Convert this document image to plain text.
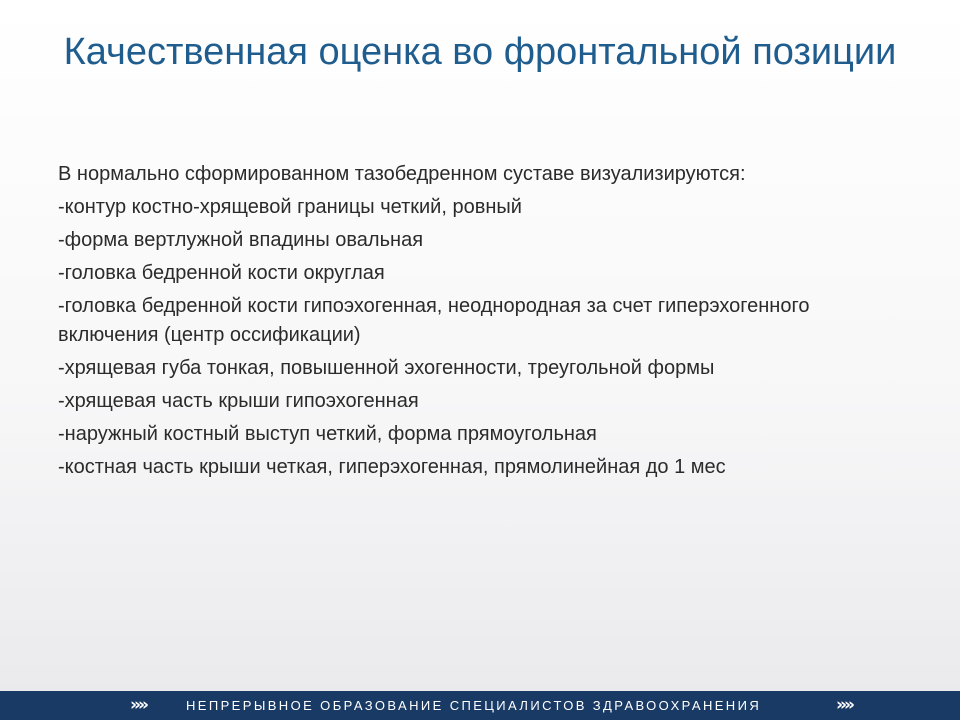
Качественная оценка во фронтальной позиции
В нормально сформированном тазобедренном суставе визуализируются:
-контур костно-хрящевой границы четкий, ровный
-форма вертлужной впадины овальная
-головка бедренной кости округлая
-головка бедренной кости гипоэхогенная, неоднородная за счет гиперэхогенного включения (центр оссификации)
-хрящевая губа тонкая, повышенной эхогенности, треугольной формы
-хрящевая часть крыши гипоэхогенная
-наружный костный выступ четкий, форма прямоугольная
-костная часть крыши четкая, гиперэхогенная, прямолинейная до 1 мес
»»	НЕПРЕРЫВНОЕ ОБРАЗОВАНИЕ СПЕЦИАЛИСТОВ ЗДРАВООХРАНЕНИЯ	»»
